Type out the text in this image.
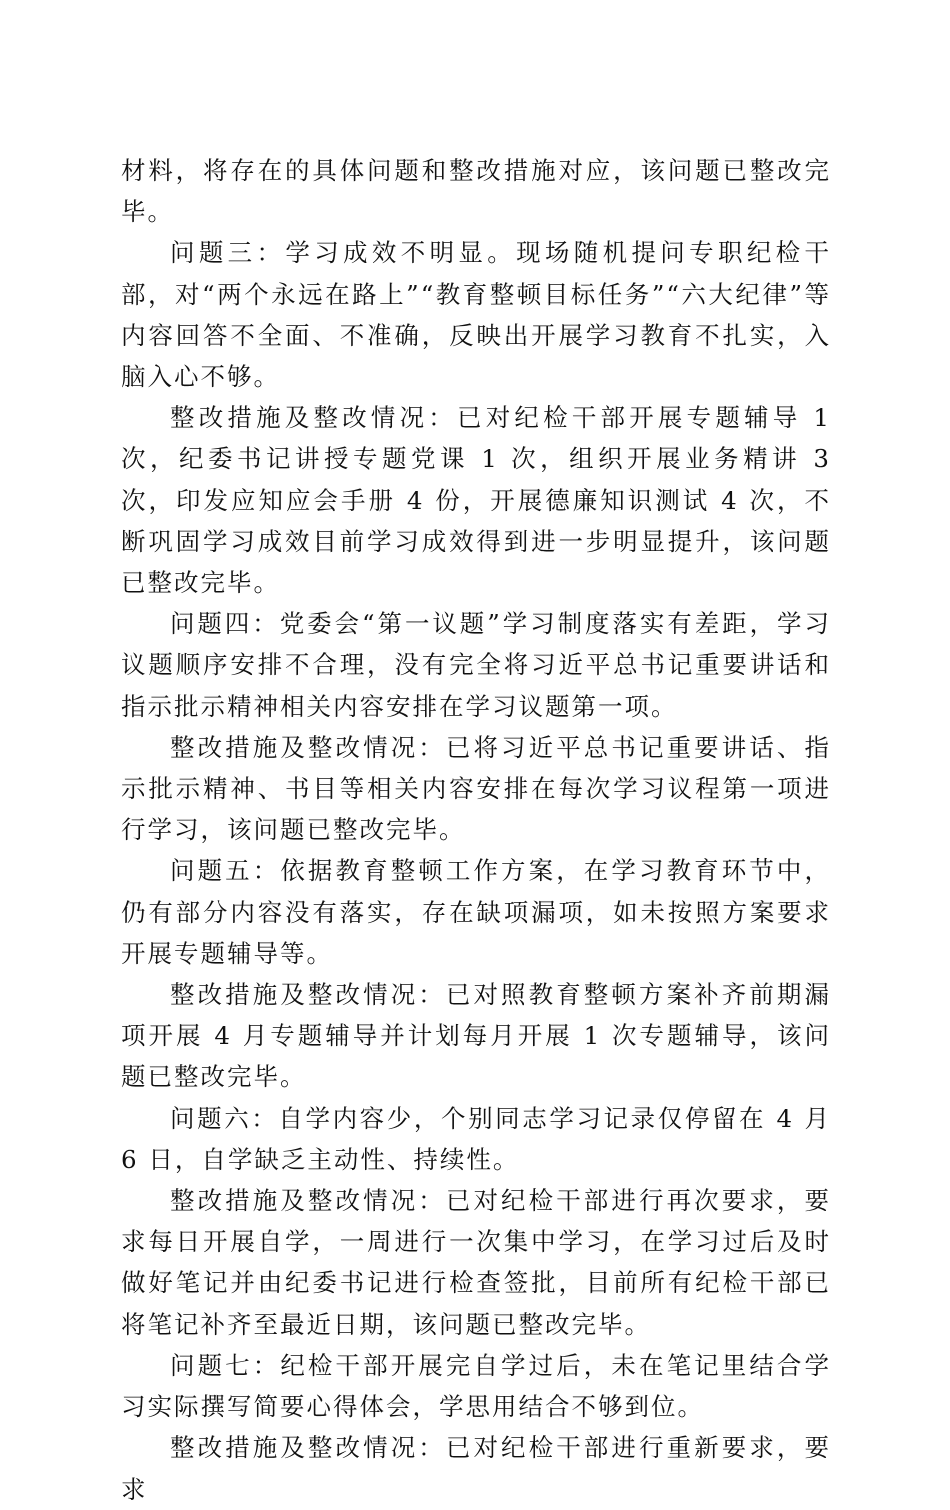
材料，将存在的具体问题和整改措施对应，该问题已整改完毕。

问题三：学习成效不明显。现场随机提问专职纪检干部，对“两个永远在路上”“教育整顿目标任务”“六大纪律”等内容回答不全面、不准确，反映出开展学习教育不扎实，入脑入心不够。

整改措施及整改情况：已对纪检干部开展专题辅导 1 次，纪委书记讲授专题党课 1 次，组织开展业务精讲 3 次，印发应知应会手册 4 份，开展德廉知识测试 4 次，不断巩固学习成效目前学习成效得到进一步明显提升，该问题已整改完毕。

问题四：党委会“第一议题”学习制度落实有差距，学习议题顺序安排不合理，没有完全将习近平总书记重要讲话和指示批示精神相关内容安排在学习议题第一项。

整改措施及整改情况：已将习近平总书记重要讲话、指示批示精神、书目等相关内容安排在每次学习议程第一项进行学习，该问题已整改完毕。

问题五：依据教育整顿工作方案，在学习教育环节中，仍有部分内容没有落实，存在缺项漏项，如未按照方案要求开展专题辅导等。

整改措施及整改情况：已对照教育整顿方案补齐前期漏项开展 4 月专题辅导并计划每月开展 1 次专题辅导，该问题已整改完毕。

问题六：自学内容少，个别同志学习记录仅停留在 4 月 6 日，自学缺乏主动性、持续性。

整改措施及整改情况：已对纪检干部进行再次要求，要求每日开展自学，一周进行一次集中学习，在学习过后及时做好笔记并由纪委书记进行检查签批，目前所有纪检干部已将笔记补齐至最近日期，该问题已整改完毕。

问题七：纪检干部开展完自学过后，未在笔记里结合学习实际撰写简要心得体会，学思用结合不够到位。

整改措施及整改情况：已对纪检干部进行重新要求，要求
